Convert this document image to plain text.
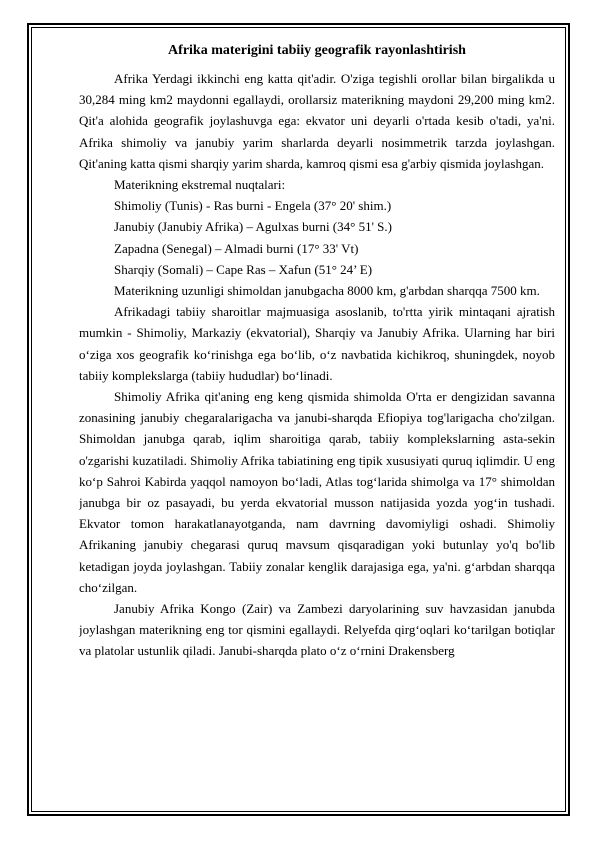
Afrika materigini tabiiy geografik rayonlashtirish

Afrika Yerdagi ikkinchi eng katta qit'adir. O'ziga tegishli orollar bilan birgalikda u 30,284 ming km2 maydonni egallaydi, orollarsiz materikning maydoni 29,200 ming km2. Qit'a alohida geografik joylashuvga ega: ekvator uni deyarli o'rtada kesib o'tadi, ya'ni. Afrika shimoliy va janubiy yarim sharlarda deyarli nosimmetrik tarzda joylashgan. Qit'aning katta qismi sharqiy yarim sharda, kamroq qismi esa g'arbiy qismida joylashgan.

Materikning ekstremal nuqtalari:

Shimoliy (Tunis) - Ras burni - Engela (37° 20' shim.)

Janubiy (Janubiy Afrika) – Agulxas burni (34° 51' S.)

Zapadna (Senegal) – Almadi burni (17° 33' Vt)

Sharqiy (Somali) – Cape Ras – Xafun (51° 24’ E)

Materikning uzunligi shimoldan janubgacha 8000 km, g'arbdan sharqqa 7500 km.

Afrikadagi tabiiy sharoitlar majmuasiga asoslanib, to'rtta yirik mintaqani ajratish mumkin - Shimoliy, Markaziy (ekvatorial), Sharqiy va Janubiy Afrika. Ularning har biri o‘ziga xos geografik ko‘rinishga ega bo‘lib, o‘z navbatida kichikroq, shuningdek, noyob tabiiy komplekslarga (tabiiy hududlar) bo‘linadi.

Shimoliy Afrika qit'aning eng keng qismida shimolda O'rta er dengizidan savanna zonasining janubiy chegaralarigacha va janubi-sharqda Efiopiya tog'larigacha cho'zilgan. Shimoldan janubga qarab, iqlim sharoitiga qarab, tabiiy komplekslarning asta-sekin o'zgarishi kuzatiladi. Shimoliy Afrika tabiatining eng tipik xususiyati quruq iqlimdir. U eng ko‘p Sahroi Kabirda yaqqol namoyon bo‘ladi, Atlas tog‘larida shimolga va 17° shimoldan janubga bir oz pasayadi, bu yerda ekvatorial musson natijasida yozda yog‘in tushadi. Ekvator tomon harakatlanayotganda, nam davrning davomiyligi oshadi. Shimoliy Afrikaning janubiy chegarasi quruq mavsum qisqaradigan yoki butunlay yo'q bo'lib ketadigan joyda joylashgan. Tabiiy zonalar kenglik darajasiga ega, ya'ni. g‘arbdan sharqqa cho‘zilgan.

Janubiy Afrika Kongo (Zair) va Zambezi daryolarining suv havzasidan janubda joylashgan materikning eng tor qismini egallaydi. Relyefda qirg‘oqlari ko‘tarilgan botiqlar va platolar ustunlik qiladi. Janubi-sharqda plato o‘z o‘rnini Drakensberg
